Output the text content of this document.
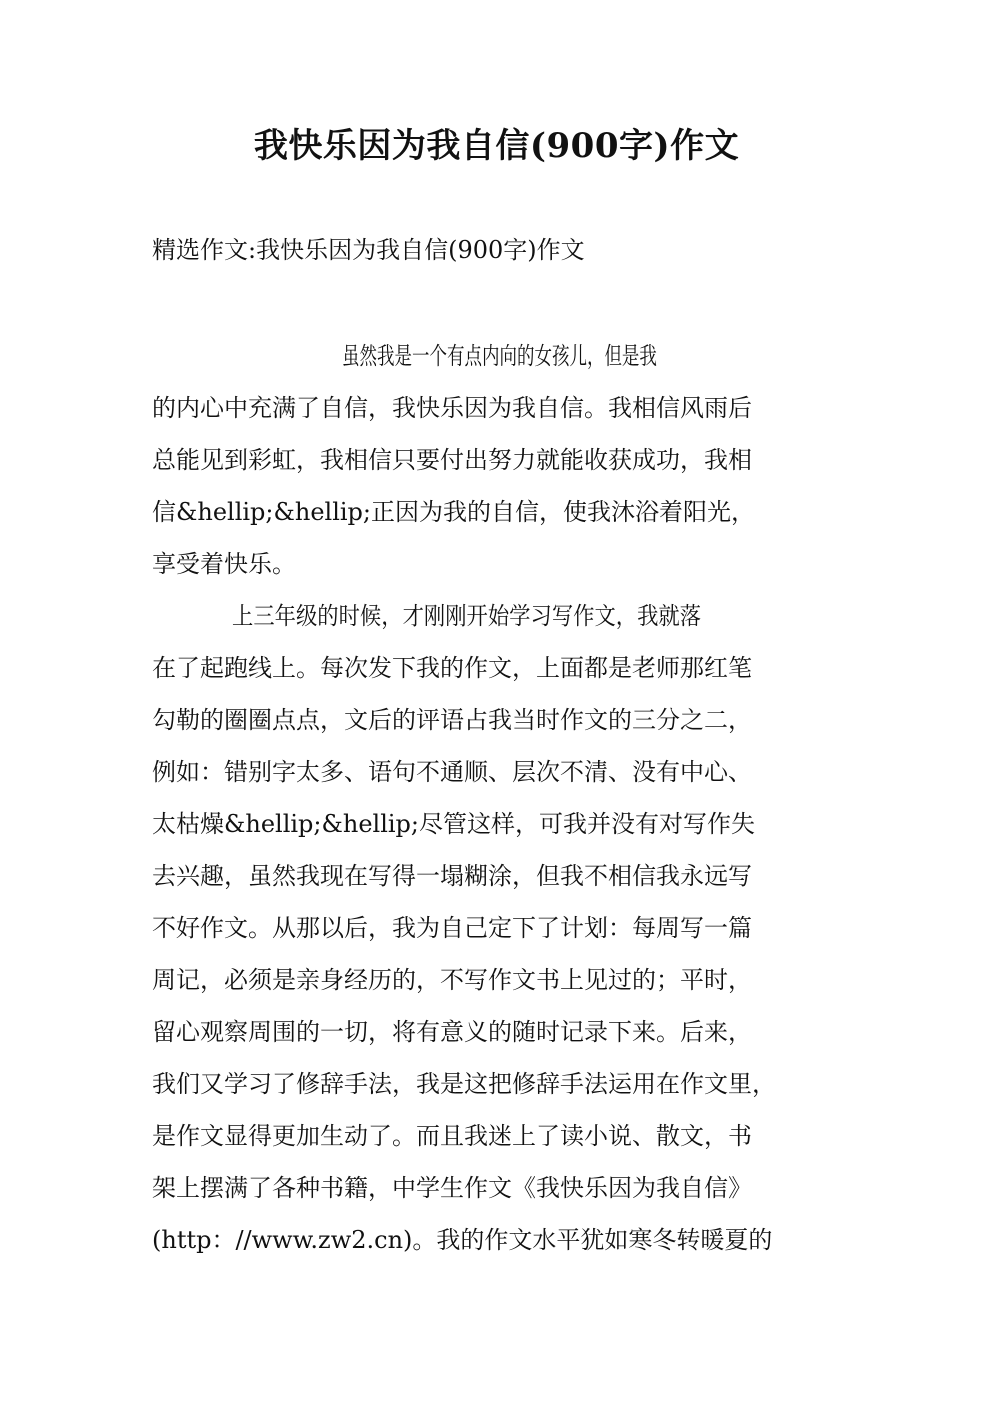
我快乐因为我自信(900字)作文

精选作文:我快乐因为我自信(900字)作文

虽然我是一个有点内向的女孩儿，但是我

的内心中充满了自信，我快乐因为我自信。我相信风雨后

总能见到彩虹，我相信只要付出努力就能收获成功，我相

信&hellip;&hellip;正因为我的自信，使我沐浴着阳光，

享受着快乐。

上三年级的时候，才刚刚开始学习写作文，我就落

在了起跑线上。每次发下我的作文，上面都是老师那红笔

勾勒的圈圈点点，文后的评语占我当时作文的三分之二，

例如：错别字太多、语句不通顺、层次不清、没有中心、

太枯燥&hellip;&hellip;尽管这样，可我并没有对写作失

去兴趣，虽然我现在写得一塌糊涂，但我不相信我永远写

不好作文。从那以后，我为自己定下了计划：每周写一篇

周记，必须是亲身经历的，不写作文书上见过的；平时，

留心观察周围的一切，将有意义的随时记录下来。后来，

我们又学习了修辞手法，我是这把修辞手法运用在作文里，

是作文显得更加生动了。而且我迷上了读小说、散文，书

架上摆满了各种书籍，中学生作文《我快乐因为我自信》

(http：//www.zw2.cn)。我的作文水平犹如寒冬转暖夏的
